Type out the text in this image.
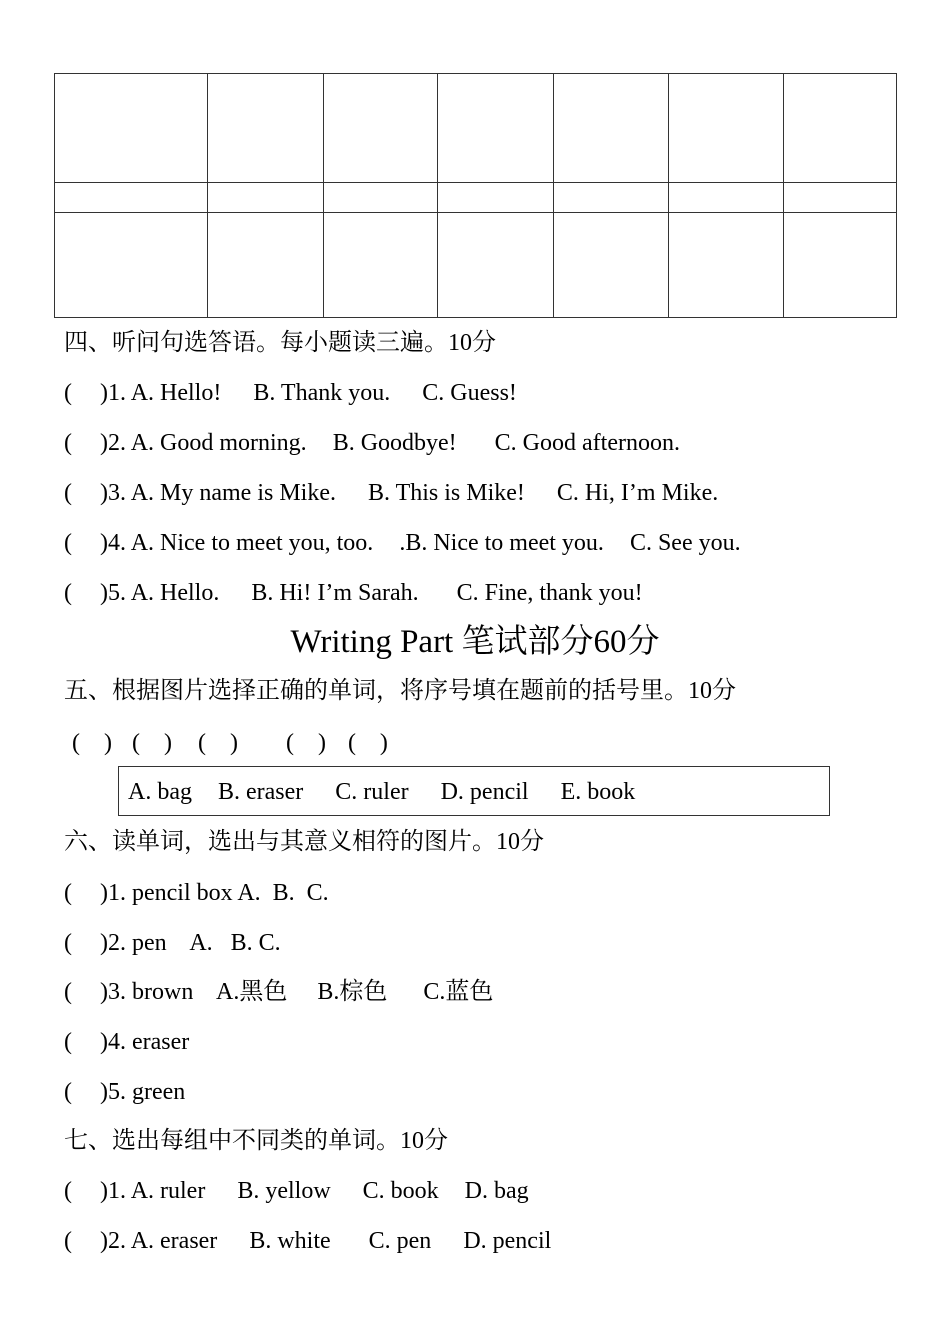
四、听问句选答语。每小题读三遍。10分
( )1. A. Hello! B. Thank you. C. Guess!
( )2. A. Good morning. B. Goodbye! C. Good afternoon.
( )3. A. My name is Mike. B. This is Mike! C. Hi, I’m Mike.
( )4. A. Nice to meet you, too. .B. Nice to meet you. C. See you.
( )5. A. Hello. B. Hi! I’m Sarah. C. Fine, thank you!
Writing Part 笔试部分60分
五、根据图片选择正确的单词，将序号填在题前的括号里。10分
(    ) (    ) (    ) (    ) (    )
A. bag B. eraser C. ruler D. pencil E. book
六、读单词，选出与其意义相符的图片。10分
( )1. pencil box A.  B.  C.
( )2. pen    A.   B. C.
( )3. brown    A.黑色     B.棕色      C.蓝色
( )4. eraser
( )5. green
七、选出每组中不同类的单词。10分
( )1. A. ruler B. yellow C. book D. bag
( )2. A. eraser B. white C. pen D. pencil
